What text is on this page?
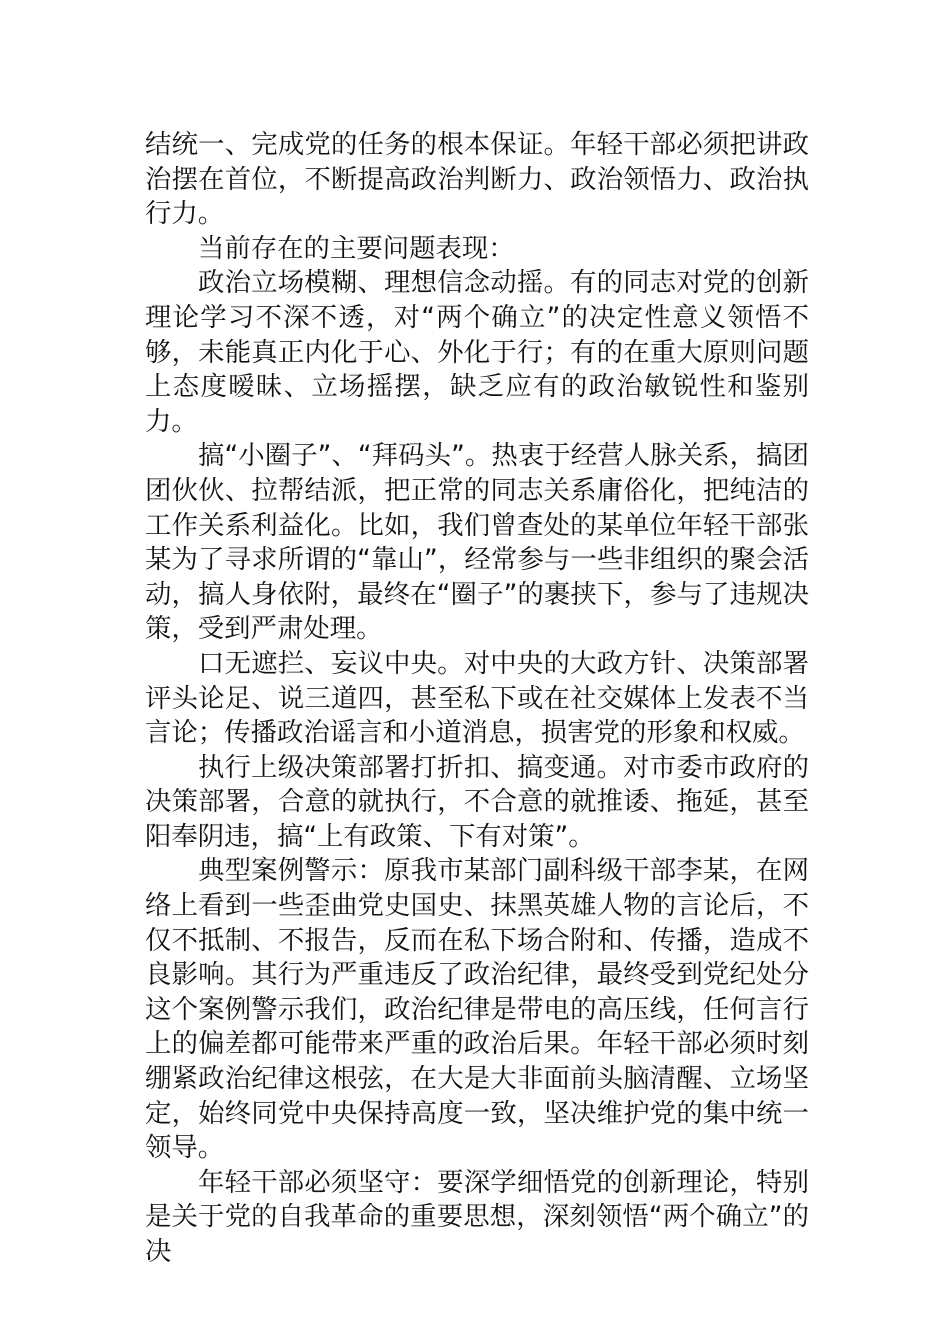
结统一、完成党的任务的根本保证。年轻干部必须把讲政治摆在首位，不断提高政治判断力、政治领悟力、政治执行力。

当前存在的主要问题表现：

政治立场模糊、理想信念动摇。有的同志对党的创新理论学习不深不透，对“两个确立”的决定性意义领悟不够，未能真正内化于心、外化于行；有的在重大原则问题上态度暧昧、立场摇摆，缺乏应有的政治敏锐性和鉴别力。

搞“小圈子”、“拜码头”。热衷于经营人脉关系，搞团团伙伙、拉帮结派，把正常的同志关系庸俗化，把纯洁的工作关系利益化。比如，我们曾查处的某单位年轻干部张某为了寻求所谓的“靠山”，经常参与一些非组织的聚会活动，搞人身依附，最终在“圈子”的裹挟下，参与了违规决策，受到严肃处理。

口无遮拦、妄议中央。对中央的大政方针、决策部署评头论足、说三道四，甚至私下或在社交媒体上发表不当言论；传播政治谣言和小道消息，损害党的形象和权威。

执行上级决策部署打折扣、搞变通。对市委市政府的决策部署，合意的就执行，不合意的就推诿、拖延，甚至阳奉阴违，搞“上有政策、下有对策”。

典型案例警示：原我市某部门副科级干部李某，在网络上看到一些歪曲党史国史、抹黑英雄人物的言论后，不仅不抵制、不报告，反而在私下场合附和、传播，造成不良影响。其行为严重违反了政治纪律，最终受到党纪处分这个案例警示我们，政治纪律是带电的高压线，任何言行上的偏差都可能带来严重的政治后果。年轻干部必须时刻绷紧政治纪律这根弦，在大是大非面前头脑清醒、立场坚定，始终同党中央保持高度一致，坚决维护党的集中统一领导。

年轻干部必须坚守：要深学细悟党的创新理论，特别是关于党的自我革命的重要思想，深刻领悟“两个确立”的决
